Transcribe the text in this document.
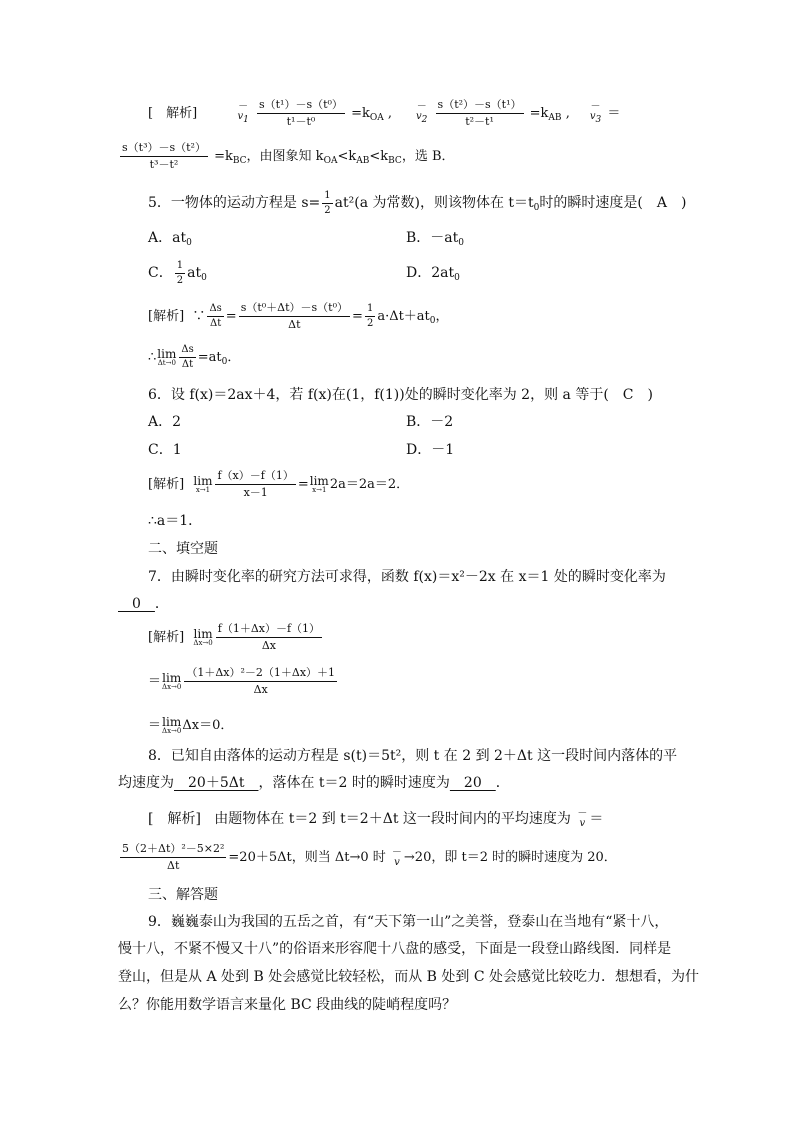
[　解析]	－
v1
$\frac{\text{s（t¹）－s（t⁰）}}{\text{t¹－t⁰}} =k_{OA}$ , －
v2
$\frac{\text{s（t²）－s（t¹）}}{\text{t²－t¹}} =k_{AB}$ , －
v3 ＝
$\frac{\text{s（t³）－s（t²）}}{\text{t³－t²}} =k_{BC}$，由图象知 $k_{OA}<k_{AB}<k_{BC}$，选 B．
5．一物体的运动方程是 $s= \frac{1}{2} at^2(a$ 为常数)，则该物体在 $t=t_0$时的瞬时速度是(　A　)
A．$at_0$	B．$-at_0$
C． $\frac{1}{2} at_0$	D．$2at_0$
[解析] ∵ $\frac{\Delta s}{\Delta t} = \frac{\text{s（t⁰＋Δt）－s（t⁰）}}{\Delta t} = \frac{1}{2} a\cdot\Delta t+at_0$，
∴ lim
$\Delta t\to 0 \frac{\Delta s}{\Delta t} =at_0$．
6．设 f(x)＝2ax＋4，若 f(x)在(1，f(1))处的瞬时变化率为 2，则 a 等于(　C　)
A．2	B．－2
C．1	D．－1
[解析] lim
$x\to 1 \frac{f(x)-f(1)}{x-1} = \lim$
x→1 2a＝2a＝2．
∴a＝1．
二、填空题
7．由瞬时变化率的研究方法可求得，函数 f(x)＝x²－2x 在 x＝1 处的瞬时变化率为
　0　．
[解析] lim
$\Delta x\to 0 \frac{f(1+\Delta x)-f(1)}{\Delta x}$
＝ lim
$\Delta x\to 0 \frac{\text{（1＋Δx）²－2（1＋Δx）＋1}}{\Delta x}$
＝ lim
Δx→0 Δx＝0．
8．已知自由落体的运动方程是 s(t)＝5t²，则 t 在 2 到 2＋Δt 这一段时间内落体的平
均速度为　20＋5Δt　，落体在 t＝2 时的瞬时速度为　20　．
[　解析] 由题物体在 t＝2 到 t＝2＋Δt 这一段时间内的平均速度为 －
v ＝
$\frac{\text{5（2＋Δt）²－5×2²}}{\Delta t} =20+5\Delta t$，则当 Δt→0 时 －
v →20，即 t＝2 时的瞬时速度为 20．
三、解答题
9．巍巍泰山为我国的五岳之首，有“天下第一山”之美誉，登泰山在当地有“紧十八，
慢十八，不紧不慢又十八”的俗语来形容爬十八盘的感受，下面是一段登山路线图．同样是
登山，但是从 A 处到 B 处会感觉比较轻松，而从 B 处到 C 处会感觉比较吃力．想想看，为什
么？你能用数学语言来量化 BC 段曲线的陡峭程度吗？
